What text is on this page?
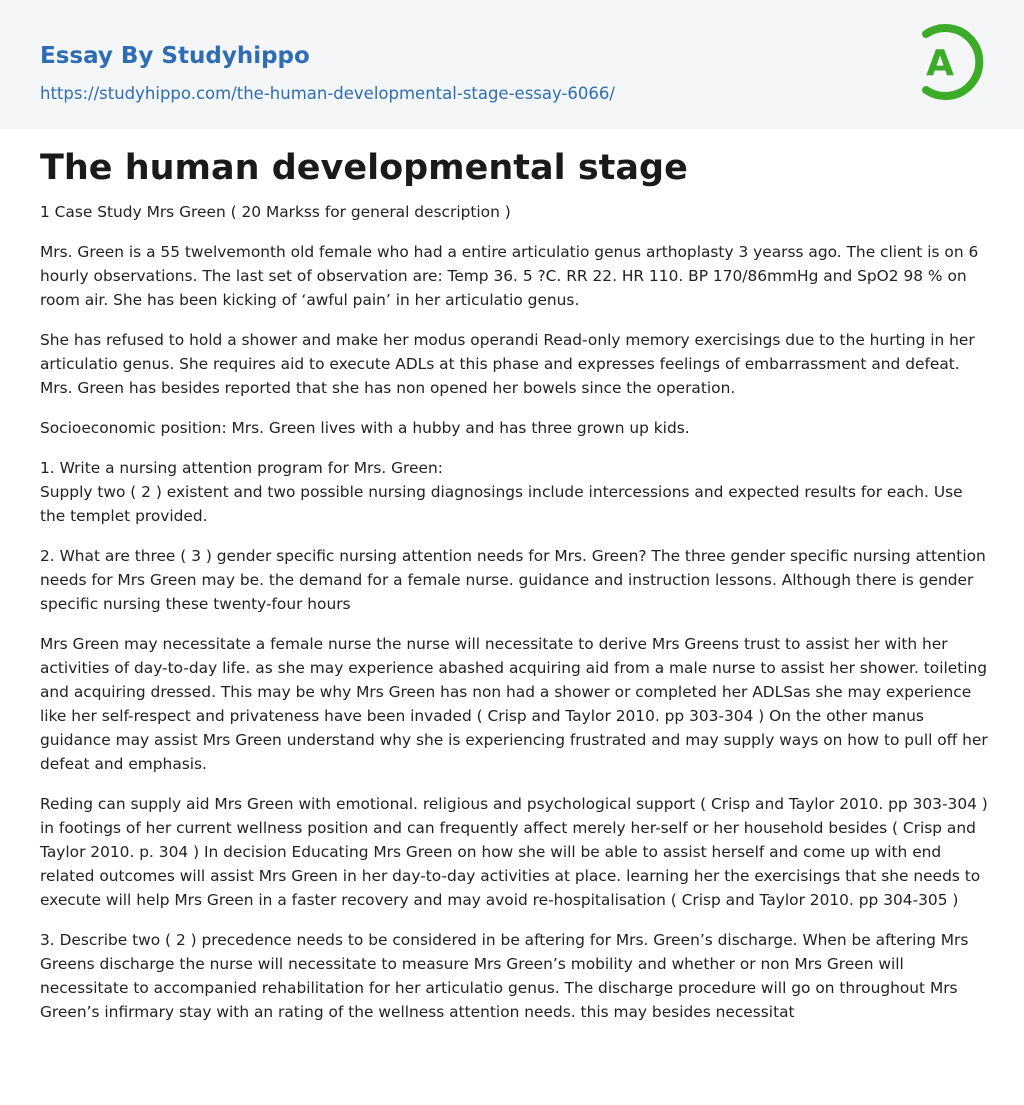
Essay By Studyhippo
https://studyhippo.com/the-human-developmental-stage-essay-6066/
A
The human developmental stage

1 Case Study Mrs Green ( 20 Markss for general description )

Mrs. Green is a 55 twelvemonth old female who had a entire articulatio genus arthoplasty 3 yearss ago. The client is on 6 hourly observations. The last set of observation are: Temp 36. 5 ?C. RR 22. HR 110. BP 170/86mmHg and SpO2 98 % on room air. She has been kicking of ‘awful pain’ in her articulatio genus.

She has refused to hold a shower and make her modus operandi Read-only memory exercisings due to the hurting in her articulatio genus. She requires aid to execute ADLs at this phase and expresses feelings of embarrassment and defeat. Mrs. Green has besides reported that she has non opened her bowels since the operation.

Socioeconomic position: Mrs. Green lives with a hubby and has three grown up kids.

1. Write a nursing attention program for Mrs. Green:
Supply two ( 2 ) existent and two possible nursing diagnosings include intercessions and expected results for each. Use the templet provided.

2. What are three ( 3 ) gender specific nursing attention needs for Mrs. Green? The three gender specific nursing attention needs for Mrs Green may be. the demand for a female nurse. guidance and instruction lessons. Although there is gender specific nursing these twenty-four hours

Mrs Green may necessitate a female nurse the nurse will necessitate to derive Mrs Greens trust to assist her with her activities of day-to-day life. as she may experience abashed acquiring aid from a male nurse to assist her shower. toileting and acquiring dressed. This may be why Mrs Green has non had a shower or completed her ADLSas she may experience like her self-respect and privateness have been invaded ( Crisp and Taylor 2010. pp 303-304 ) On the other manus guidance may assist Mrs Green understand why she is experiencing frustrated and may supply ways on how to pull off her defeat and emphasis.

Reding can supply aid Mrs Green with emotional. religious and psychological support ( Crisp and Taylor 2010. pp 303-304 ) in footings of her current wellness position and can frequently affect merely her-self or her household besides ( Crisp and Taylor 2010. p. 304 ) In decision Educating Mrs Green on how she will be able to assist herself and come up with end related outcomes will assist Mrs Green in her day-to-day activities at place. learning her the exercisings that she needs to execute will help Mrs Green in a faster recovery and may avoid re-hospitalisation ( Crisp and Taylor 2010. pp 304-305 )

3. Describe two ( 2 ) precedence needs to be considered in be aftering for Mrs. Green’s discharge. When be aftering Mrs Greens discharge the nurse will necessitate to measure Mrs Green’s mobility and whether or non Mrs Green will necessitate to accompanied rehabilitation for her articulatio genus. The discharge procedure will go on throughout Mrs Green’s infirmary stay with an rating of the wellness attention needs. this may besides necessitat
